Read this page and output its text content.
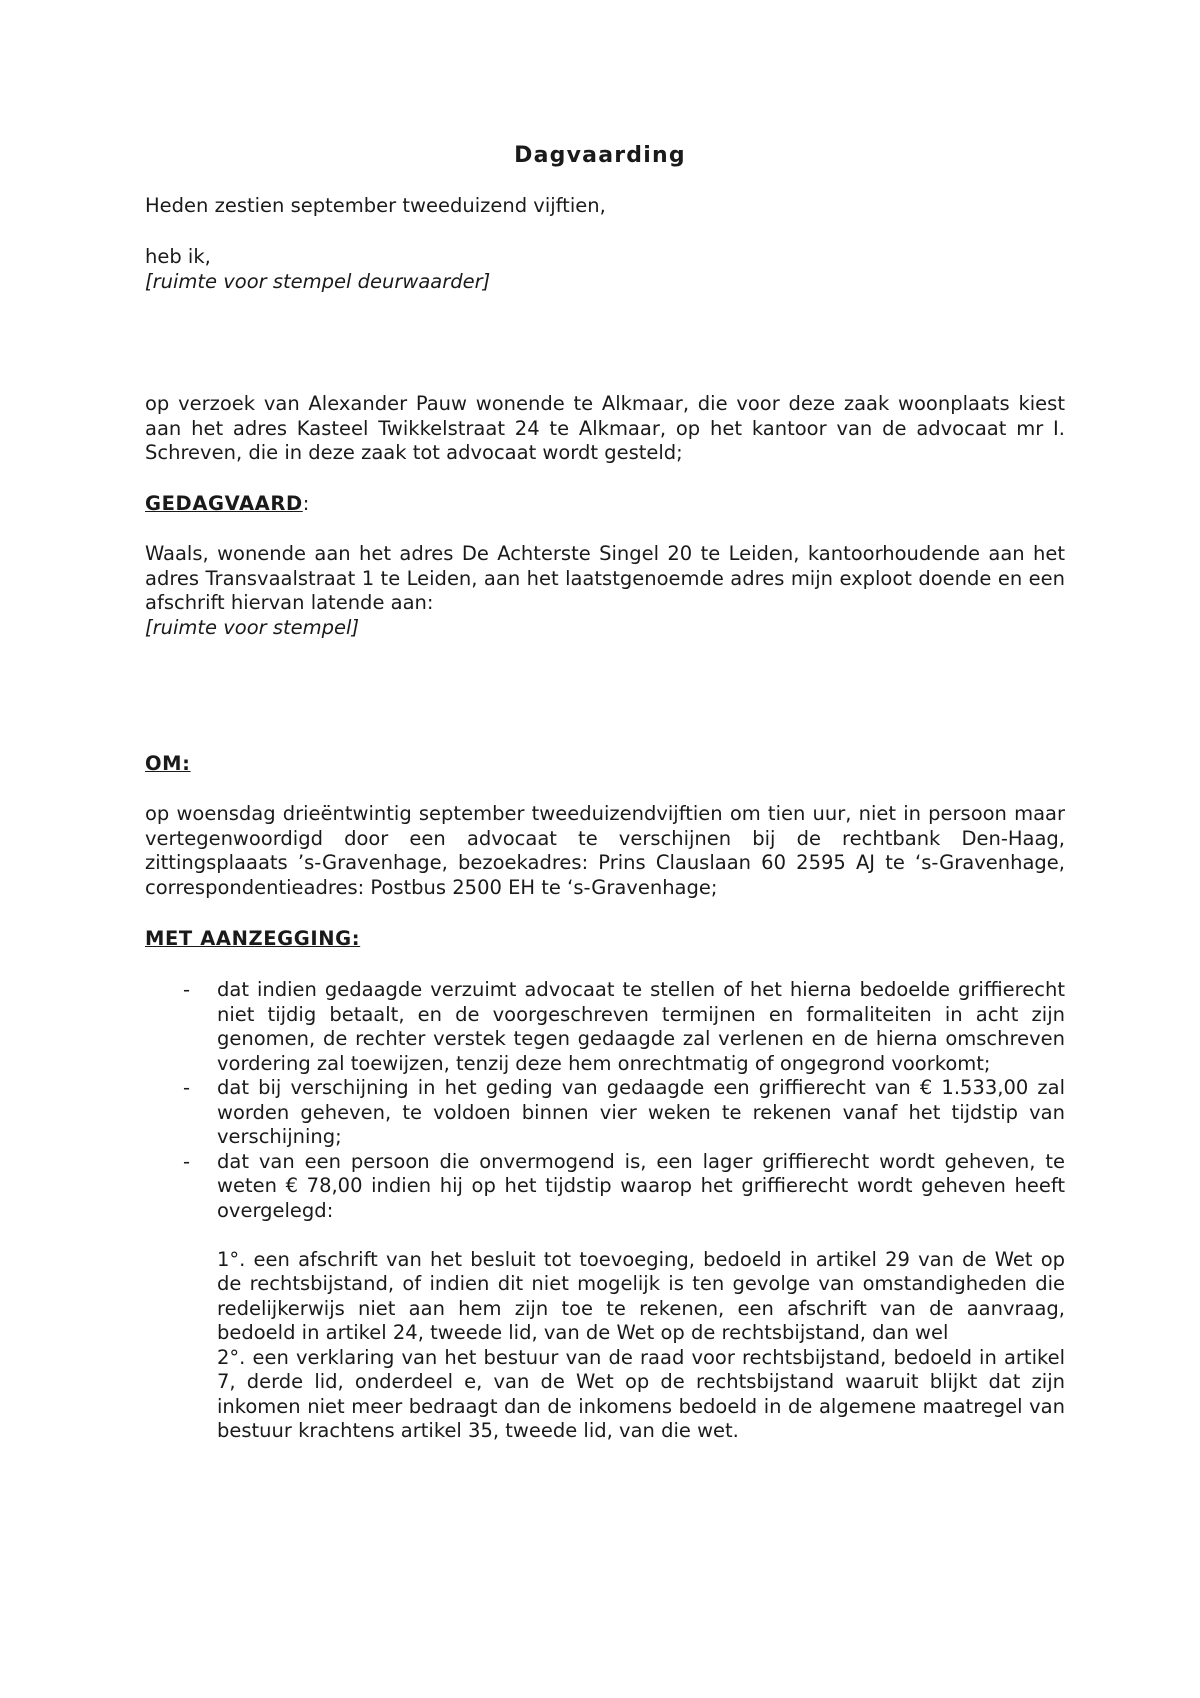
Dagvaarding

Heden zestien september tweeduizend vijftien,

heb ik,

[ruimte voor stempel deurwaarder]

op verzoek van Alexander Pauw wonende te Alkmaar, die voor deze zaak woonplaats kiest aan het adres Kasteel Twikkelstraat 24 te Alkmaar, op het kantoor van de advocaat mr I. Schreven, die in deze zaak tot advocaat wordt gesteld;

GEDAGVAARD:

Waals, wonende aan het adres De Achterste Singel 20 te Leiden, kantoorhoudende aan het adres Transvaalstraat 1 te Leiden, aan het laatstgenoemde adres mijn exploot doende en een afschrift hiervan latende aan:

[ruimte voor stempel]

OM:

op woensdag drieëntwintig september tweeduizendvijftien om tien uur, niet in persoon maar vertegenwoordigd door een advocaat te verschijnen bij de rechtbank Den-Haag, zittingsplaaats ’s-Gravenhage, bezoekadres: Prins Clauslaan 60 2595 AJ te ‘s-Gravenhage, correspondentieadres: Postbus 2500 EH te ‘s-Gravenhage;

MET AANZEGGING:

- dat indien gedaagde verzuimt advocaat te stellen of het hierna bedoelde griffierecht niet tijdig betaalt, en de voorgeschreven termijnen en formaliteiten in acht zijn genomen, de rechter verstek tegen gedaagde zal verlenen en de hierna omschreven vordering zal toewijzen, tenzij deze hem onrechtmatig of ongegrond voorkomt;
- dat bij verschijning in het geding van gedaagde een griffierecht van € 1.533,00 zal worden geheven, te voldoen binnen vier weken te rekenen vanaf het tijdstip van verschijning;
- dat van een persoon die onvermogend is, een lager griffierecht wordt geheven, te weten € 78,00 indien hij op het tijdstip waarop het griffierecht wordt geheven heeft overgelegd:
1°. een afschrift van het besluit tot toevoeging, bedoeld in artikel 29 van de Wet op de rechtsbijstand, of indien dit niet mogelijk is ten gevolge van omstandigheden die redelijkerwijs niet aan hem zijn toe te rekenen, een afschrift van de aanvraag, bedoeld in artikel 24, tweede lid, van de Wet op de rechtsbijstand, dan wel
2°. een verklaring van het bestuur van de raad voor rechtsbijstand, bedoeld in artikel 7, derde lid, onderdeel e, van de Wet op de rechtsbijstand waaruit blijkt dat zijn inkomen niet meer bedraagt dan de inkomens bedoeld in de algemene maatregel van bestuur krachtens artikel 35, tweede lid, van die wet.
